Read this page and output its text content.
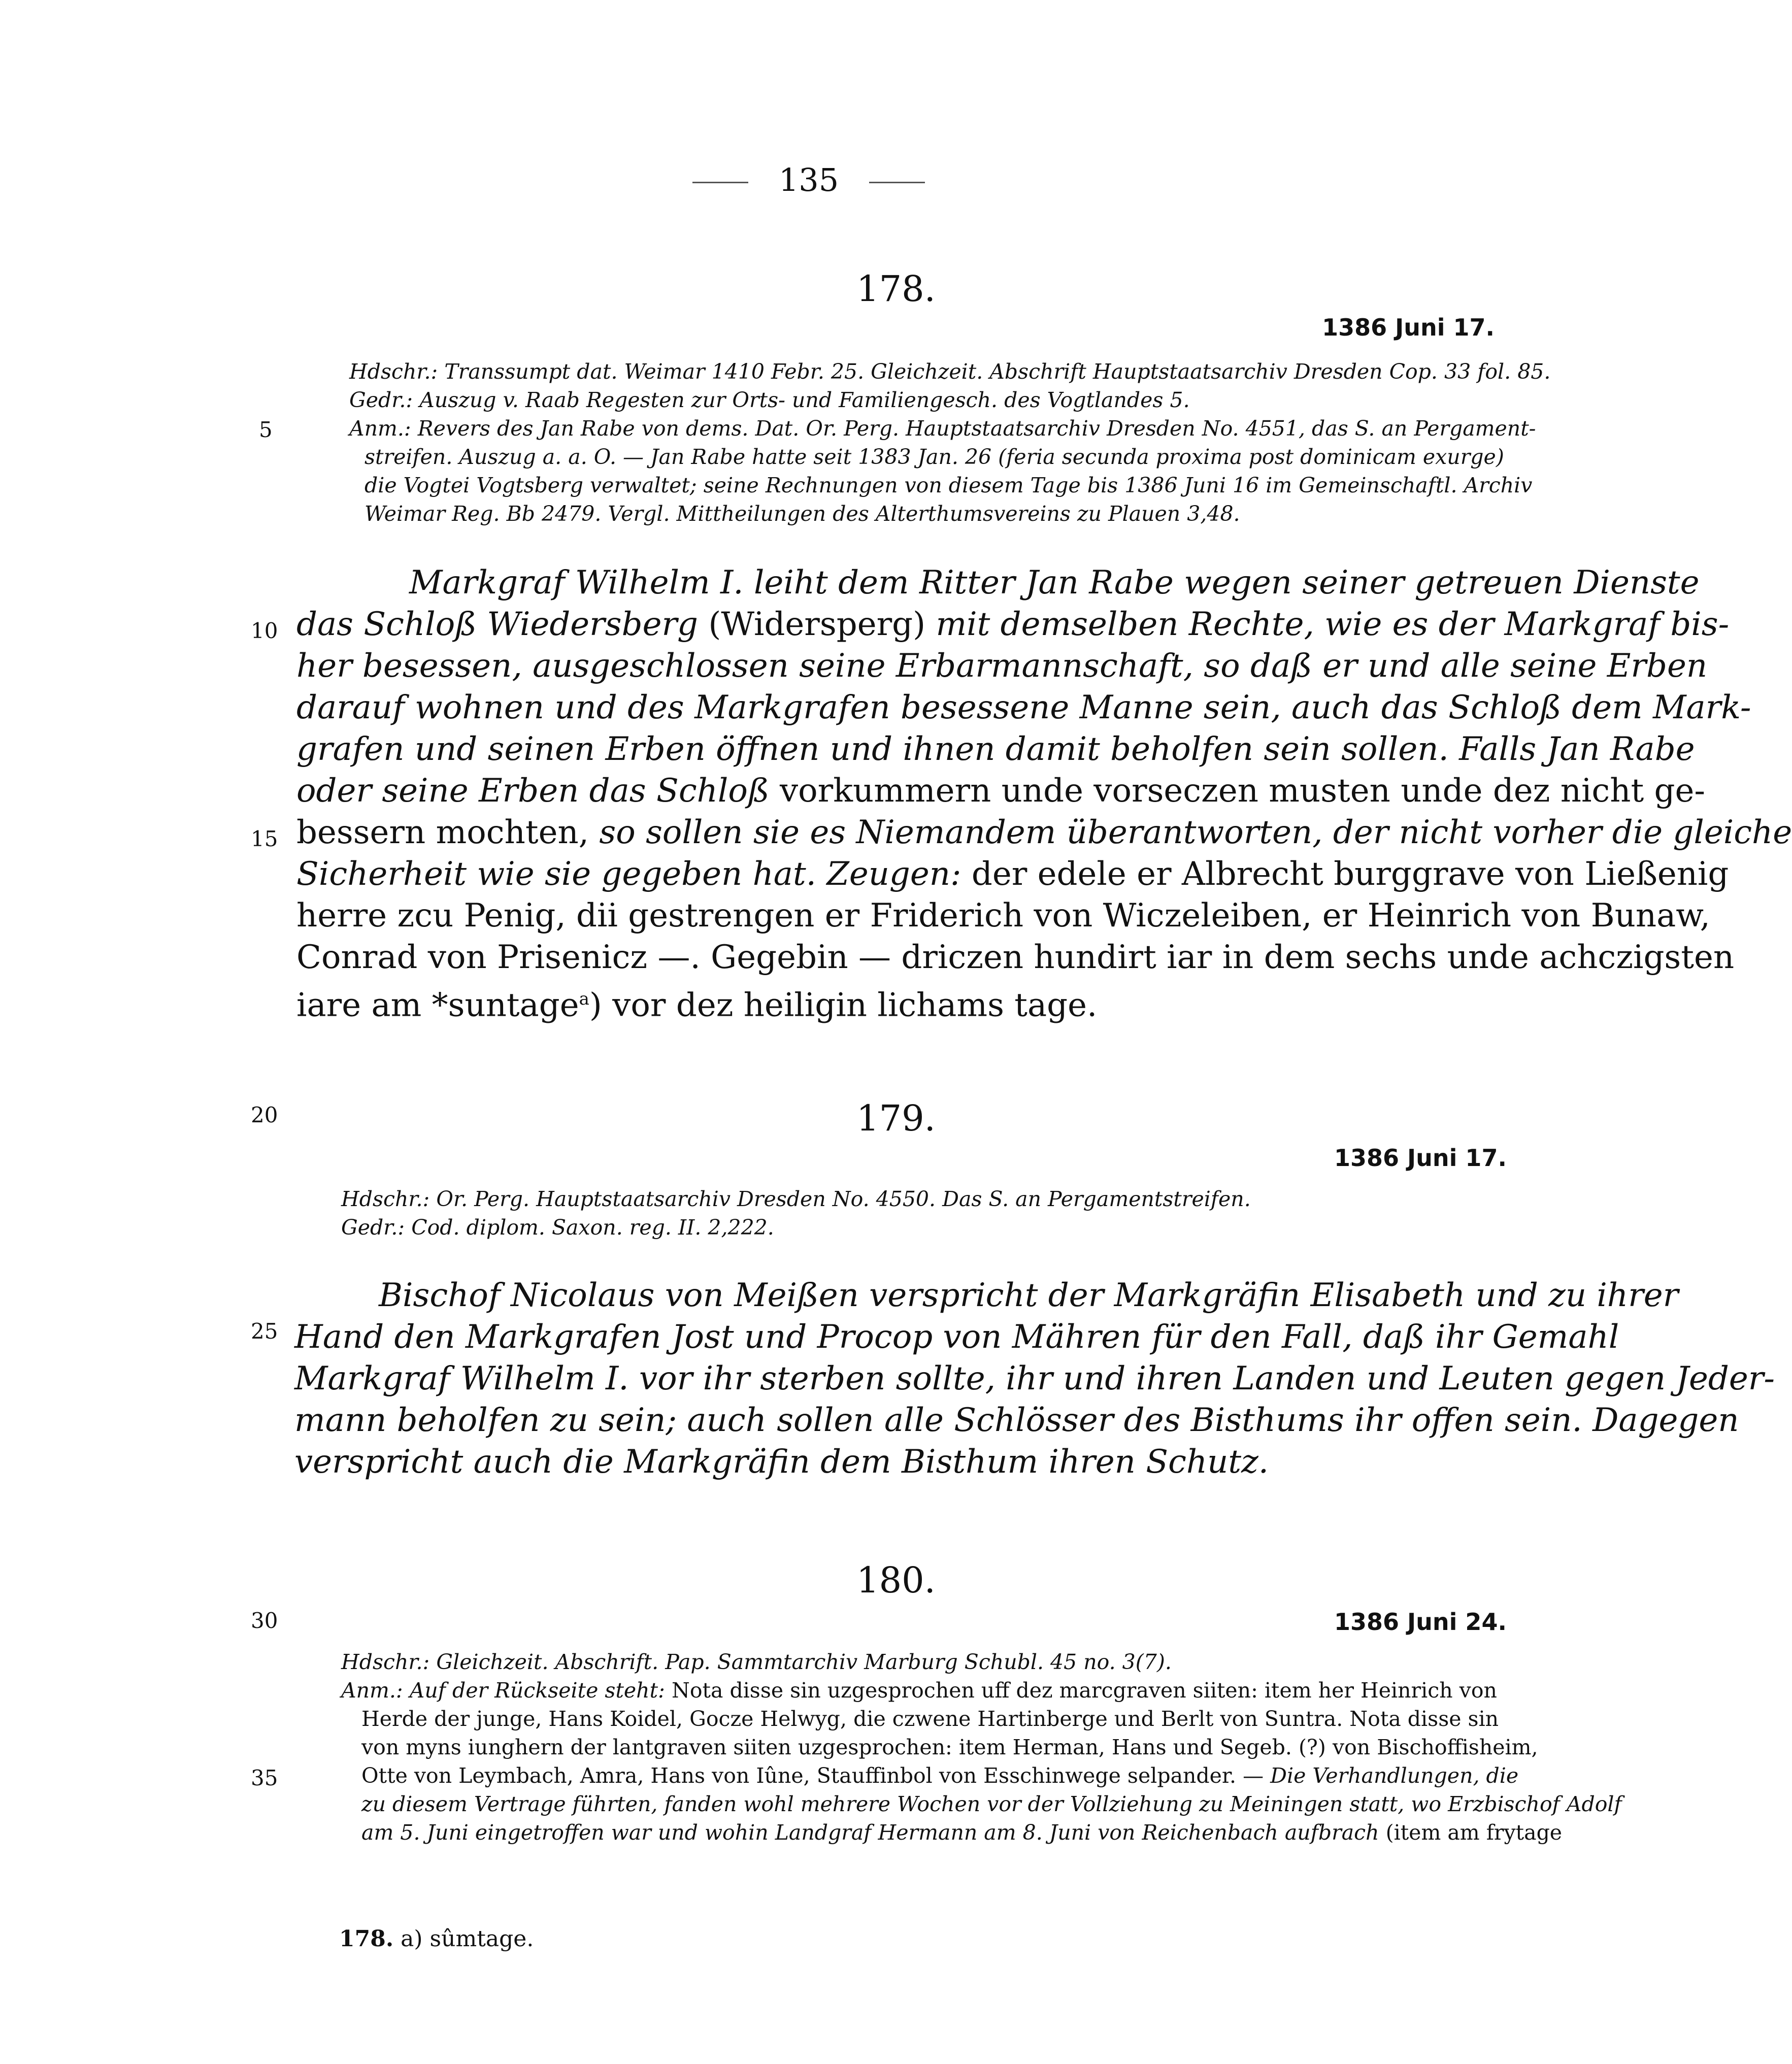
135
5
10
15
20
25
30
35
178.
1386 Juni 17.
Hdschr.: Transsumpt dat. Weimar 1410 Febr. 25. Gleichzeit. Abschrift Hauptstaatsarchiv Dresden Cop. 33 fol. 85.
Gedr.: Auszug v. Raab Regesten zur Orts- und Familiengesch. des Vogtlandes 5.
Anm.: Revers des Jan Rabe von dems. Dat. Or. Perg. Hauptstaatsarchiv Dresden No. 4551, das S. an Pergament-
streifen. Auszug a. a. O. — Jan Rabe hatte seit 1383 Jan. 26 (feria secunda proxima post dominicam exurge)
die Vogtei Vogtsberg verwaltet; seine Rechnungen von diesem Tage bis 1386 Juni 16 im Gemeinschaftl. Archiv
Weimar Reg. Bb 2479. Vergl. Mittheilungen des Alterthumsvereins zu Plauen 3,48.
Markgraf Wilhelm I. leiht dem Ritter Jan Rabe wegen seiner getreuen Dienste
das Schloß Wiedersberg (Widersperg) mit demselben Rechte, wie es der Markgraf bis-
her besessen, ausgeschlossen seine Erbarmannschaft, so daß er und alle seine Erben
darauf wohnen und des Markgrafen besessene Manne sein, auch das Schloß dem Mark-
grafen und seinen Erben öffnen und ihnen damit beholfen sein sollen. Falls Jan Rabe
oder seine Erben das Schloß vorkummern unde vorseczen musten unde dez nicht ge-
bessern mochten, so sollen sie es Niemandem überantworten, der nicht vorher die gleiche
Sicherheit wie sie gegeben hat. Zeugen: der edele er Albrecht burggrave von Ließenig
herre zcu Penig, dii gestrengen er Friderich von Wiczeleiben, er Heinrich von Bunaw,
Conrad von Prisenicz —. Gegebin — driczen hundirt iar in dem sechs unde achczigsten
iare am *suntage$^a$) vor dez heiligin lichams tage.
179.
1386 Juni 17.
Hdschr.: Or. Perg. Hauptstaatsarchiv Dresden No. 4550. Das S. an Pergamentstreifen.
Gedr.: Cod. diplom. Saxon. reg. II. 2,222.
Bischof Nicolaus von Meißen verspricht der Markgräfin Elisabeth und zu ihrer
Hand den Markgrafen Jost und Procop von Mähren für den Fall, daß ihr Gemahl
Markgraf Wilhelm I. vor ihr sterben sollte, ihr und ihren Landen und Leuten gegen Jeder-
mann beholfen zu sein; auch sollen alle Schlösser des Bisthums ihr offen sein. Dagegen
verspricht auch die Markgräfin dem Bisthum ihren Schutz.
180.
1386 Juni 24.
Hdschr.: Gleichzeit. Abschrift. Pap. Sammtarchiv Marburg Schubl. 45 no. 3(7).
Anm.: Auf der Rückseite steht: Nota disse sin uzgesprochen uff dez marcgraven siiten: item her Heinrich von
Herde der junge, Hans Koidel, Gocze Helwyg, die czwene Hartinberge und Berlt von Suntra. Nota disse sin
von myns iunghern der lantgraven siiten uzgesprochen: item Herman, Hans und Segeb. (?) von Bischoffisheim,
Otte von Leymbach, Amra, Hans von Iûne, Stauffinbol von Esschinwege selpander. — Die Verhandlungen, die
zu diesem Vertrage führten, fanden wohl mehrere Wochen vor der Vollziehung zu Meiningen statt, wo Erzbischof Adolf
am 5. Juni eingetroffen war und wohin Landgraf Hermann am 8. Juni von Reichenbach aufbrach (item am frytage
178. a) sûmtage.
